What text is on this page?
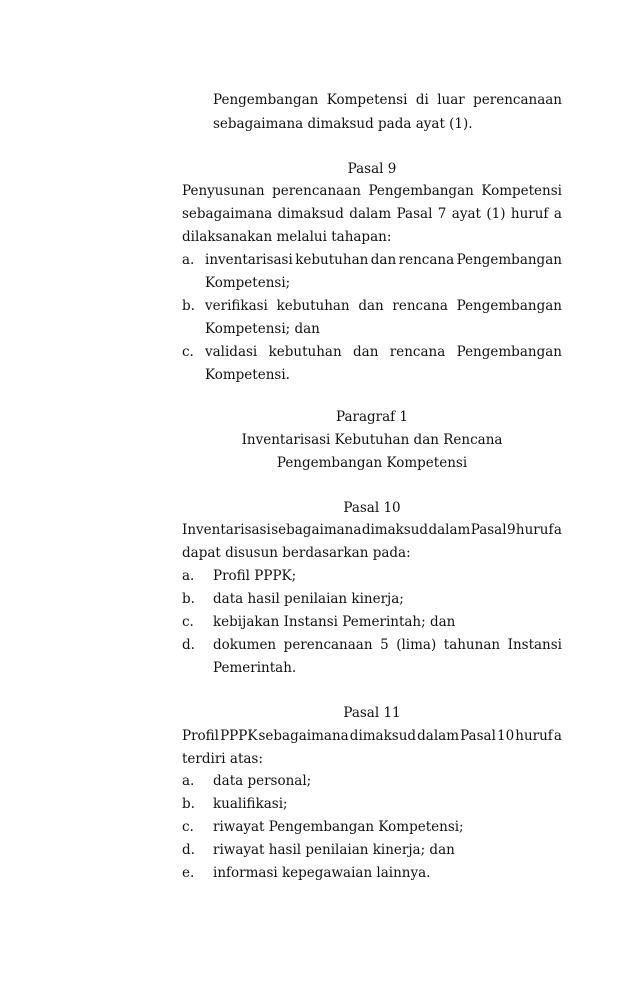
Pengembangan Kompetensi di luar perencanaan
sebagaimana dimaksud pada ayat (1).
Pasal 9
Penyusunan perencanaan Pengembangan Kompetensi
sebagaimana dimaksud dalam Pasal 7 ayat (1) huruf a
dilaksanakan melalui tahapan:
a. inventarisasi kebutuhan dan rencana Pengembangan
Kompetensi;
b. verifikasi kebutuhan dan rencana Pengembangan
Kompetensi; dan
c. validasi kebutuhan dan rencana Pengembangan
Kompetensi.
Paragraf 1
Inventarisasi Kebutuhan dan Rencana
Pengembangan Kompetensi
Pasal 10
Inventarisasi sebagaimana dimaksud dalam Pasal 9 huruf a
dapat disusun berdasarkan pada:
a. Profil PPPK;
b. data hasil penilaian kinerja;
c. kebijakan Instansi Pemerintah; dan
d. dokumen perencanaan 5 (lima) tahunan Instansi
Pemerintah.
Pasal 11
Profil PPPK sebagaimana dimaksud dalam Pasal 10 huruf a
terdiri atas:
a. data personal;
b. kualifikasi;
c. riwayat Pengembangan Kompetensi;
d. riwayat hasil penilaian kinerja; dan
e. informasi kepegawaian lainnya.
